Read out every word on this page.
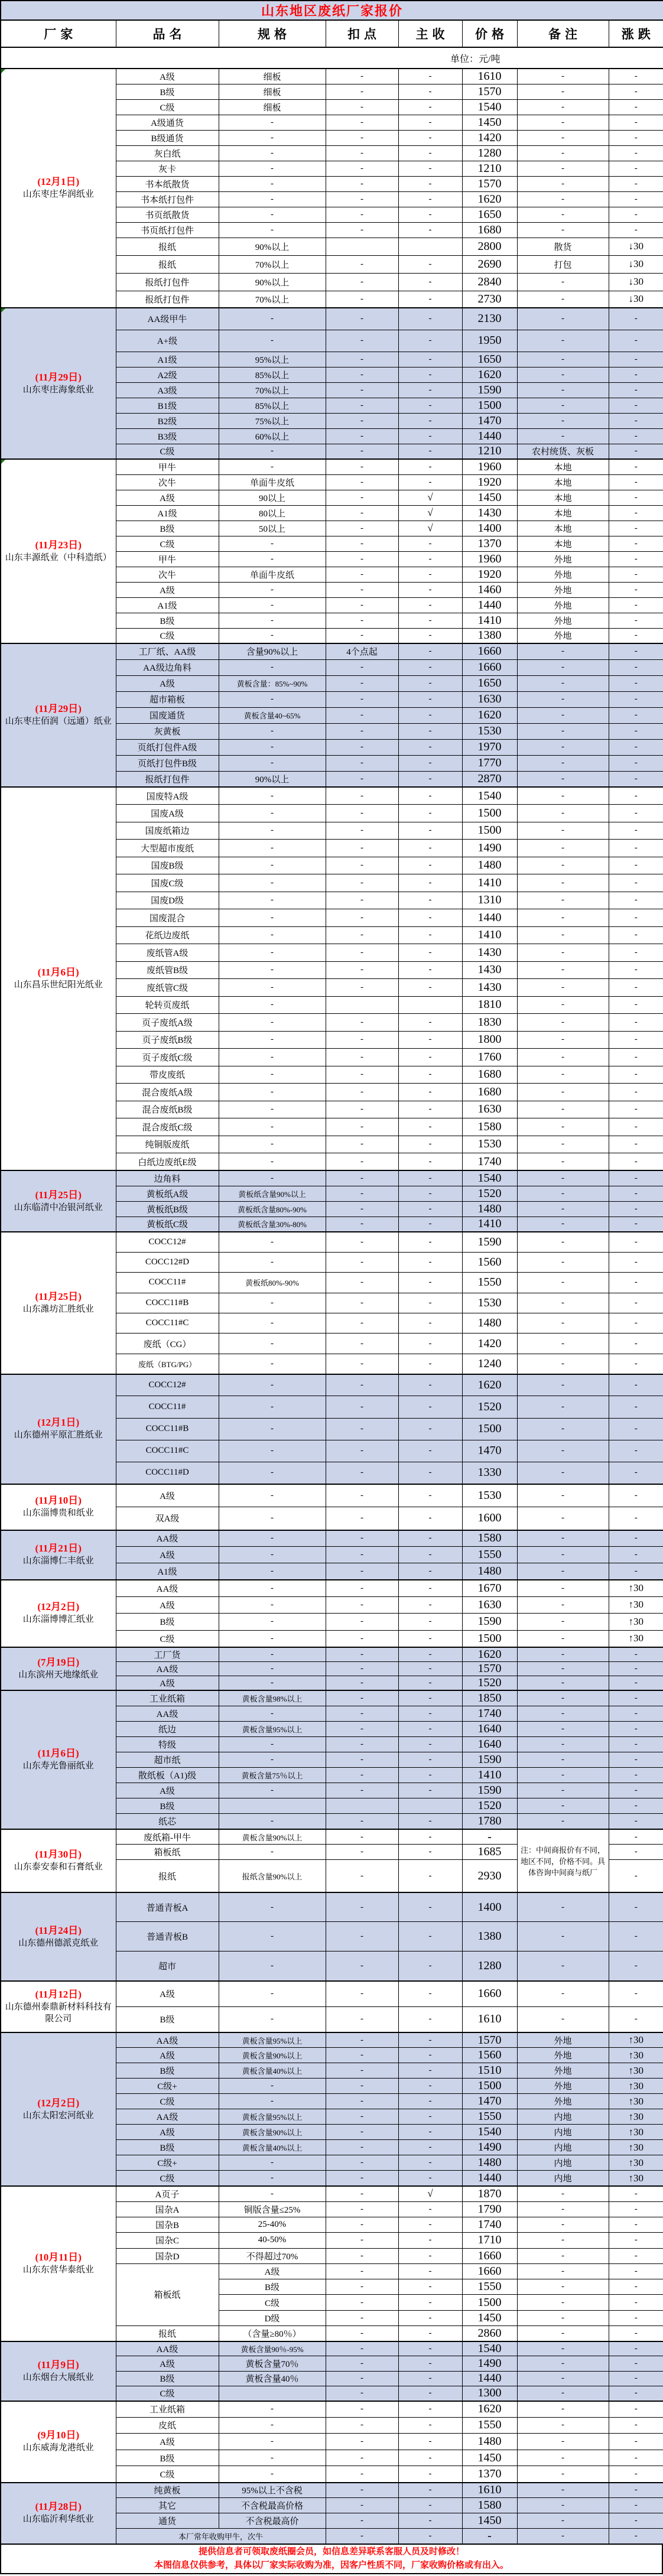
山东地区废纸厂家报价							
厂家	品名	规格	扣点	主收	价格	备注	涨跌
单位：元/吨							

(12月1日)
山东枣庄华润纸业	A级	细板	-	-	1610	-	-
	B级	细板	-	-	1570	-	-
	C级	细板	-	-	1540	-	-
	A级通货	-	-	-	1450	-	-
	B级通货	-	-	-	1420	-	-
	灰白纸	-	-	-	1280	-	-
	灰卡	-	-	-	1210	-	-
	书本纸散货	-	-	-	1570	-	-
	书本纸打包件	-	-	-	1620	-	-
	书页纸散货	-	-	-	1650	-	-
	书页纸打包件	-	-	-	1680	-	-
	报纸	90%以上			2800	散货	↓30
	报纸	70%以上	-	-	2690	打包	↓30
	报纸打包件	90%以上	-	-	2840	-	↓30
	报纸打包件	70%以上	-	-	2730	-	↓30

(11月29日)
山东枣庄海象纸业	AA级甲牛	-	-	-	2130	-	-
	A+级	-	-	-	1950	-	-
	A1级	95%以上	-	-	1650	-	-
	A2级	85%以上	-	-	1620	-	-
	A3级	70%以上	-	-	1590	-	-
	B1级	85%以上	-	-	1500	-	-
	B2级	75%以上	-	-	1470	-	-
	B3级	60%以上	-	-	1440	-	-
	C级	-	-	-	1210	农村统货、灰板	-

(11月23日)
山东丰源纸业（中科造纸）	甲牛	-	-	-	1960	本地	-
	次牛	单面牛皮纸	-	-	1920	本地	-
	A级	90以上	-	√	1450	本地	-
	A1级	80以上	-	√	1430	本地	-
	B级	50以上	-	√	1400	本地	-
	C级	-	-	-	1370	本地	-
	甲牛	-	-	-	1960	外地	-
	次牛	单面牛皮纸	-	-	1920	外地	-
	A级	-	-	-	1460	外地	-
	A1级	-	-	-	1440	外地	-
	B级	-	-	-	1410	外地	-
	C级	-	-	-	1380	外地	-

(11月29日)
山东枣庄佰润（远通）纸业	工厂纸、AA级	含量90%以上	4个点起	-	1660	-	-
	AA级边角料	-	-	-	1660	-	-
	A级	黄板含量：85%~90%	-	-	1650	-	-
	超市箱板	-	-	-	1630	-	-
	国废通货	黄板含量40~65%	-	-	1620	-	-
	灰黄板	-	-	-	1530	-	-
	页纸打包件A级	-	-	-	1970	-	-
	页纸打包件B级	-	-	-	1770	-	-
	报纸打包件	90%以上	-	-	2870	-	-

(11月6日)
山东昌乐世纪阳光纸业	国废特A级	-	-	-	1540	-	-
	国废A级	-	-	-	1500	-	-
	国废纸箱边	-	-	-	1500	-	-
	大型超市废纸	-	-	-	1490	-	-
	国废B级	-	-	-	1480	-	-
	国废C级	-	-	-	1410	-	-
	国废D级	-	-	-	1310	-	-
	国废混合	-	-	-	1440	-	-
	花纸边废纸	-	-	-	1410	-	-
	废纸管A级	-	-	-	1430	-	-
	废纸管B级	-	-	-	1430	-	-
	废纸管C级	-	-	-	1430	-	-
	轮转页废纸	-			1810	-	-
	页子废纸A级	-	-	-	1830	-	-
	页子废纸B级	-	-	-	1800	-	-
	页子废纸C级	-	-	-	1760	-	-
	带皮废纸	-	-	-	1680	-	-
	混合废纸A级	-	-	-	1680	-	-
	混合废纸B级	-	-	-	1630	-	-
	混合废纸C级	-	-	-	1580	-	-
	纯铜版废纸	-	-	-	1530	-	-
	白纸边废纸E级	-	-	-	1740	-	-

(11月25日)
山东临清中冶银河纸业	边角料	-	-	-	1540	-	-
	黄板纸A级	黄板纸含量90%以上	-	-	1520	-	-
	黄板纸B级	黄板纸含量80%-90%	-	-	1480	-	-
	黄板纸C级	黄板纸含量30%-80%	-	-	1410	-	-

(11月25日)
山东潍坊汇胜纸业	COCC12#	-	-	-	1590	-	-
	COCC12#D	-	-	-	1560	-	-
	COCC11#	黄板纸80%-90%	-	-	1550	-	-
	COCC11#B	-	-	-	1530	-	-
	COCC11#C	-	-	-	1480	-	-
	废纸（CG）	-	-	-	1420	-	-
	废纸（BTG/PG）	-	-	-	1240	-	-

(12月1日)
山东德州平原汇胜纸业	COCC12#	-	-	-	1620	-	-
	COCC11#	-	-	-	1520	-	-
	COCC11#B	-	-	-	1500	-	-
	COCC11#C	-	-	-	1470	-	-
	COCC11#D	-	-	-	1330	-	-

(11月10日)
山东淄博贵和纸业	A级	-	-	-	1530	-	-
	双A级	-	-	-	1600	-	-

(11月21日)
山东淄博仁丰纸业	AA级	-	-	-	1580	-	-
	A级	-	-	-	1550	-	-
	A1级	-	-	-	1480	-	-

(12月2日)
山东淄博博汇纸业	AA级	-	-	-	1670	-	↑30
	A级	-	-	-	1630	-	↑30
	B级	-	-	-	1590	-	↑30
	C级	-	-	-	1500	-	↑30

(7月19日)
山东滨州天地缘纸业	工厂货	-	-	-	1620	-	-
	AA级	-	-	-	1570	-	-
	A级	-	-	-	1520	-	-

(11月6日)
山东寿光鲁丽纸业	工业纸箱	黄板含量98%以上	-	-	1850	-	-
	AA级	-	-	-	1740	-	-
	纸边	黄板含量95%以上	-	-	1640	-	-
	特级	-	-	-	1640	-	-
	超市纸	-	-	-	1590	-	-
	散纸板（A1)级	黄板含量75％以上	-	-	1410	-	-
	A级	-	-	-	1590	-	-
	B级				1520	-	-
	纸芯	-	-	-	1780	-	-

(11月30日)
山东泰安泰和石膏纸业	废纸箱-甲牛	黄板含量90%以上	-	-	-	注：中间商报价有不同，地区不同，价格不同。具体咨询中间商与纸厂	-
	箱板纸	-	-	-	1685		-
	报纸	报纸含量90%以上	-	-	2930		-

(11月24日)
山东德州德派克纸业	普通青板A	-	-	-	1400	-	-
	普通青板B	-	-	-	1380	-	-
	超市	-	-	-	1280	-	-

(11月12日)
山东德州泰鼎新材料科技有限公司	A级	-	-	-	1660	-	-
	B级	-	-	-	1610	-	-

(12月2日)
山东太阳宏河纸业	AA级	黄板含量95%以上	-	-	1570	外地	↑30
	A级	黄板含量90%以上	-	-	1560	外地	↑30
	B级	黄板含量40%以上	-	-	1510	外地	↑30
	C级+	-	-	-	1500	外地	↑30
	C级	-	-	-	1470	外地	↑30
	AA级	黄板含量95%以上	-	-	1550	内地	↑30
	A级	黄板含量90%以上	-	-	1540	内地	↑30
	B级	黄板含量40%以上	-	-	1490	内地	↑30
	C级+	-	-	-	1480	内地	↑30
	C级	-	-	-	1440	内地	↑30

(10月11日)
山东东营华泰纸业	A页子	-	-	√	1870	-	-
	国杂A	铜版含量≤25%	-	-	1790	-	-
	国杂B	25-40%	-	-	1740	-	-
	国杂C	40-50%	-	-	1710	-	-
	国杂D	不得超过70%	-	-	1660	-	-
	箱板纸	A级	-	-	1660	-	-
		B级	-	-	1550	-	-
		C级	-	-	1500	-	-
		D级	-	-	1450	-	-
	报纸	（含量≥80％）	-	-	2860	-	-

(11月9日)
山东烟台大展纸业	AA级	黄板含量90％-95%	-	-	1540	-	-
	A级	黄板含量70％	-	-	1490	-	-
	B级	黄板含量40％	-	-	1440	-	-
	C级		-	-	1300	-	-

(9月10日)
山东威海龙港纸业	工业纸箱	-	-	-	1620	-	-
	皮纸	-	-	-	1550	-	-
	A级	-	-	-	1480	-	-
	B级	-	-	-	1450	-	-
	C级	-	-	-	1370	-	-

(11月28日)
山东临沂利华纸业	纯黄板	95%以上不含税	-	-	1610	-	-
	其它	不含税最高价格	-	-	1580	-	-
	通货	不含税最高价	-	-	1450	-	-
	本厂常年收购甲牛，次牛		-	-	-	-	-
提供信息者可领取废纸圈会员，如信息差异联系客服人员及时修改！
本图信息仅供参考，具体以厂家实际收购为准，因客户性质不同，厂家收购价格或有出入。
